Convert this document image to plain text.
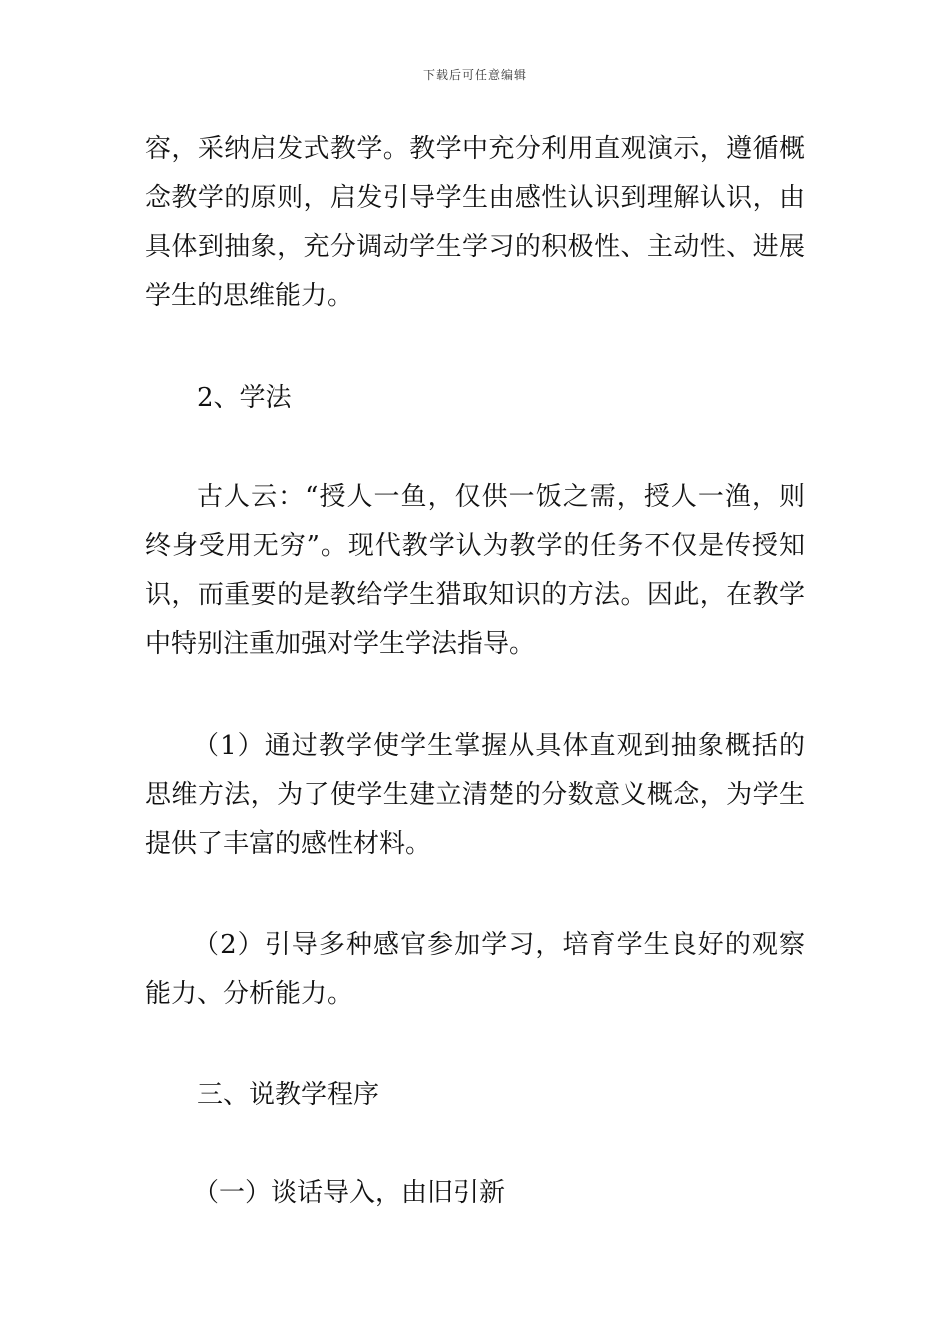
下载后可任意编辑

容，采纳启发式教学。教学中充分利用直观演示，遵循概念教学的原则，启发引导学生由感性认识到理解认识，由具体到抽象，充分调动学生学习的积极性、主动性、进展学生的思维能力。

2、学法

古人云：“授人一鱼，仅供一饭之需，授人一渔，则终身受用无穷”。现代教学认为教学的任务不仅是传授知识，而重要的是教给学生猎取知识的方法。因此，在教学中特别注重加强对学生学法指导。

（1）通过教学使学生掌握从具体直观到抽象概括的思维方法，为了使学生建立清楚的分数意义概念，为学生提供了丰富的感性材料。

（2）引导多种感官参加学习，培育学生良好的观察能力、分析能力。

三、说教学程序

（一）谈话导入，由旧引新
